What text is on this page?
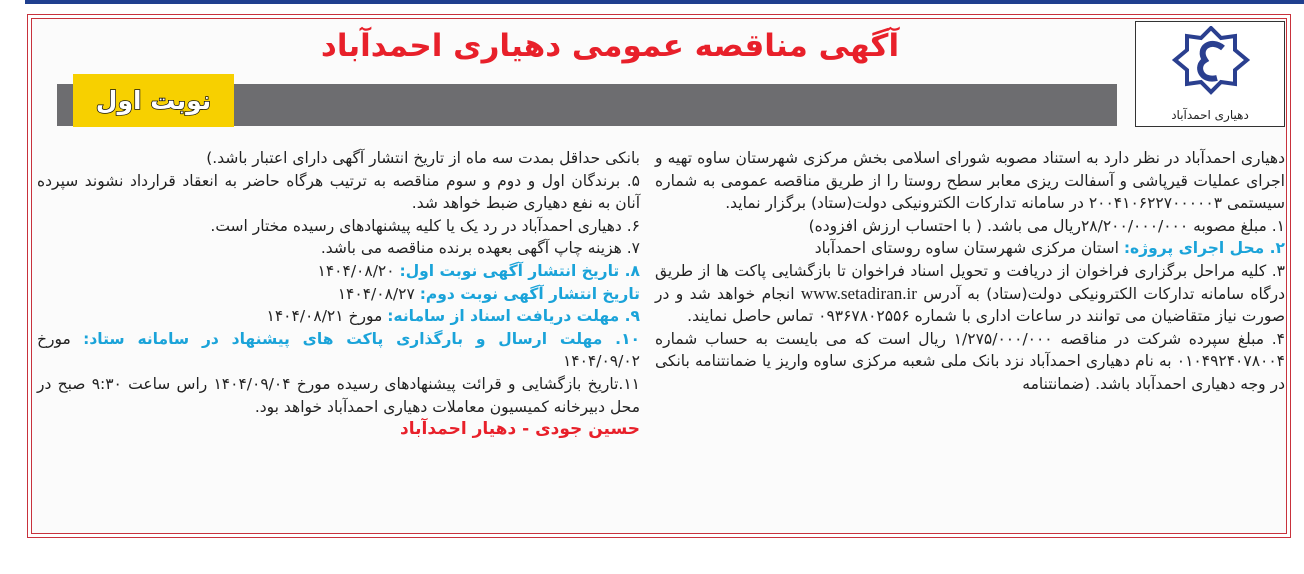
دهیاری احمدآباد
آگهی مناقصه عمومی دهیاری احمدآباد
نوبت اول

دهیاری احمدآباد در نظر دارد به استناد مصوبه شورای اسلامی بخش مرکزی شهرستان ساوه تهیه و اجرای عملیات قیرپاشی و آسفالت ریزی معابر سطح روستا را از طریق مناقصه عمومی به شماره سیستمی ۲۰۰۴۱۰۶۲۲۷۰۰۰۰۰۳ در سامانه تدارکات الکترونیکی دولت(ستاد) برگزار نماید.

۱. مبلغ مصوبه ۲۸/۲۰۰/۰۰۰/۰۰۰ریال می باشد. ( با احتساب ارزش افزوده)

۲. محل اجرای پروژه: استان مرکزی شهرستان ساوه روستای احمدآباد

۳. کلیه مراحل برگزاری فراخوان از دریافت و تحویل اسناد فراخوان تا بازگشایی پاکت ها از طریق درگاه سامانه تدارکات الکترونیکی دولت(ستاد) به آدرس www.setadiran.ir انجام خواهد شد و در صورت نیاز متقاضیان می توانند در ساعات اداری با شماره ۰۹۳۶۷۸۰۲۵۵۶ تماس حاصل نمایند.

۴. مبلغ سپرده شرکت در مناقصه ۱/۲۷۵/۰۰۰/۰۰۰ ریال است که می بایست به حساب شماره ۰۱۰۴۹۲۴۰۷۸۰۰۴ به نام دهیاری احمدآباد نزد بانک ملی شعبه مرکزی ساوه واریز یا ضمانتنامه بانکی در وجه دهیاری احمدآباد باشد. (ضمانتنامه

بانکی حداقل بمدت سه ماه از تاریخ انتشار آگهی دارای اعتبار باشد.)

۵. برندگان اول و دوم و سوم مناقصه به ترتیب هرگاه حاضر به انعقاد قرارداد نشوند سپرده آنان به نفع دهیاری ضبط خواهد شد.

۶. دهیاری احمدآباد در رد یک یا کلیه پیشنهادهای رسیده مختار است.

۷. هزینه چاپ آگهی بعهده برنده مناقصه می باشد.

۸. تاریخ انتشار آگهی نوبت اول: ۱۴۰۴/۰۸/۲۰

تاریخ انتشار آگهی نوبت دوم: ۱۴۰۴/۰۸/۲۷

۹. مهلت دریافت اسناد از سامانه: مورخ ۱۴۰۴/۰۸/۲۱

۱۰. مهلت ارسال و بارگذاری پاکت های پیشنهاد در سامانه ستاد: مورخ ۱۴۰۴/۰۹/۰۲

۱۱.تاریخ بازگشایی و قرائت پیشنهادهای رسیده مورخ ۱۴۰۴/۰۹/۰۴ راس ساعت ۹:۳۰ صبح در محل دبیرخانه کمیسیون معاملات دهیاری احمدآباد خواهد بود.

حسین جودی - دهیار احمدآباد
